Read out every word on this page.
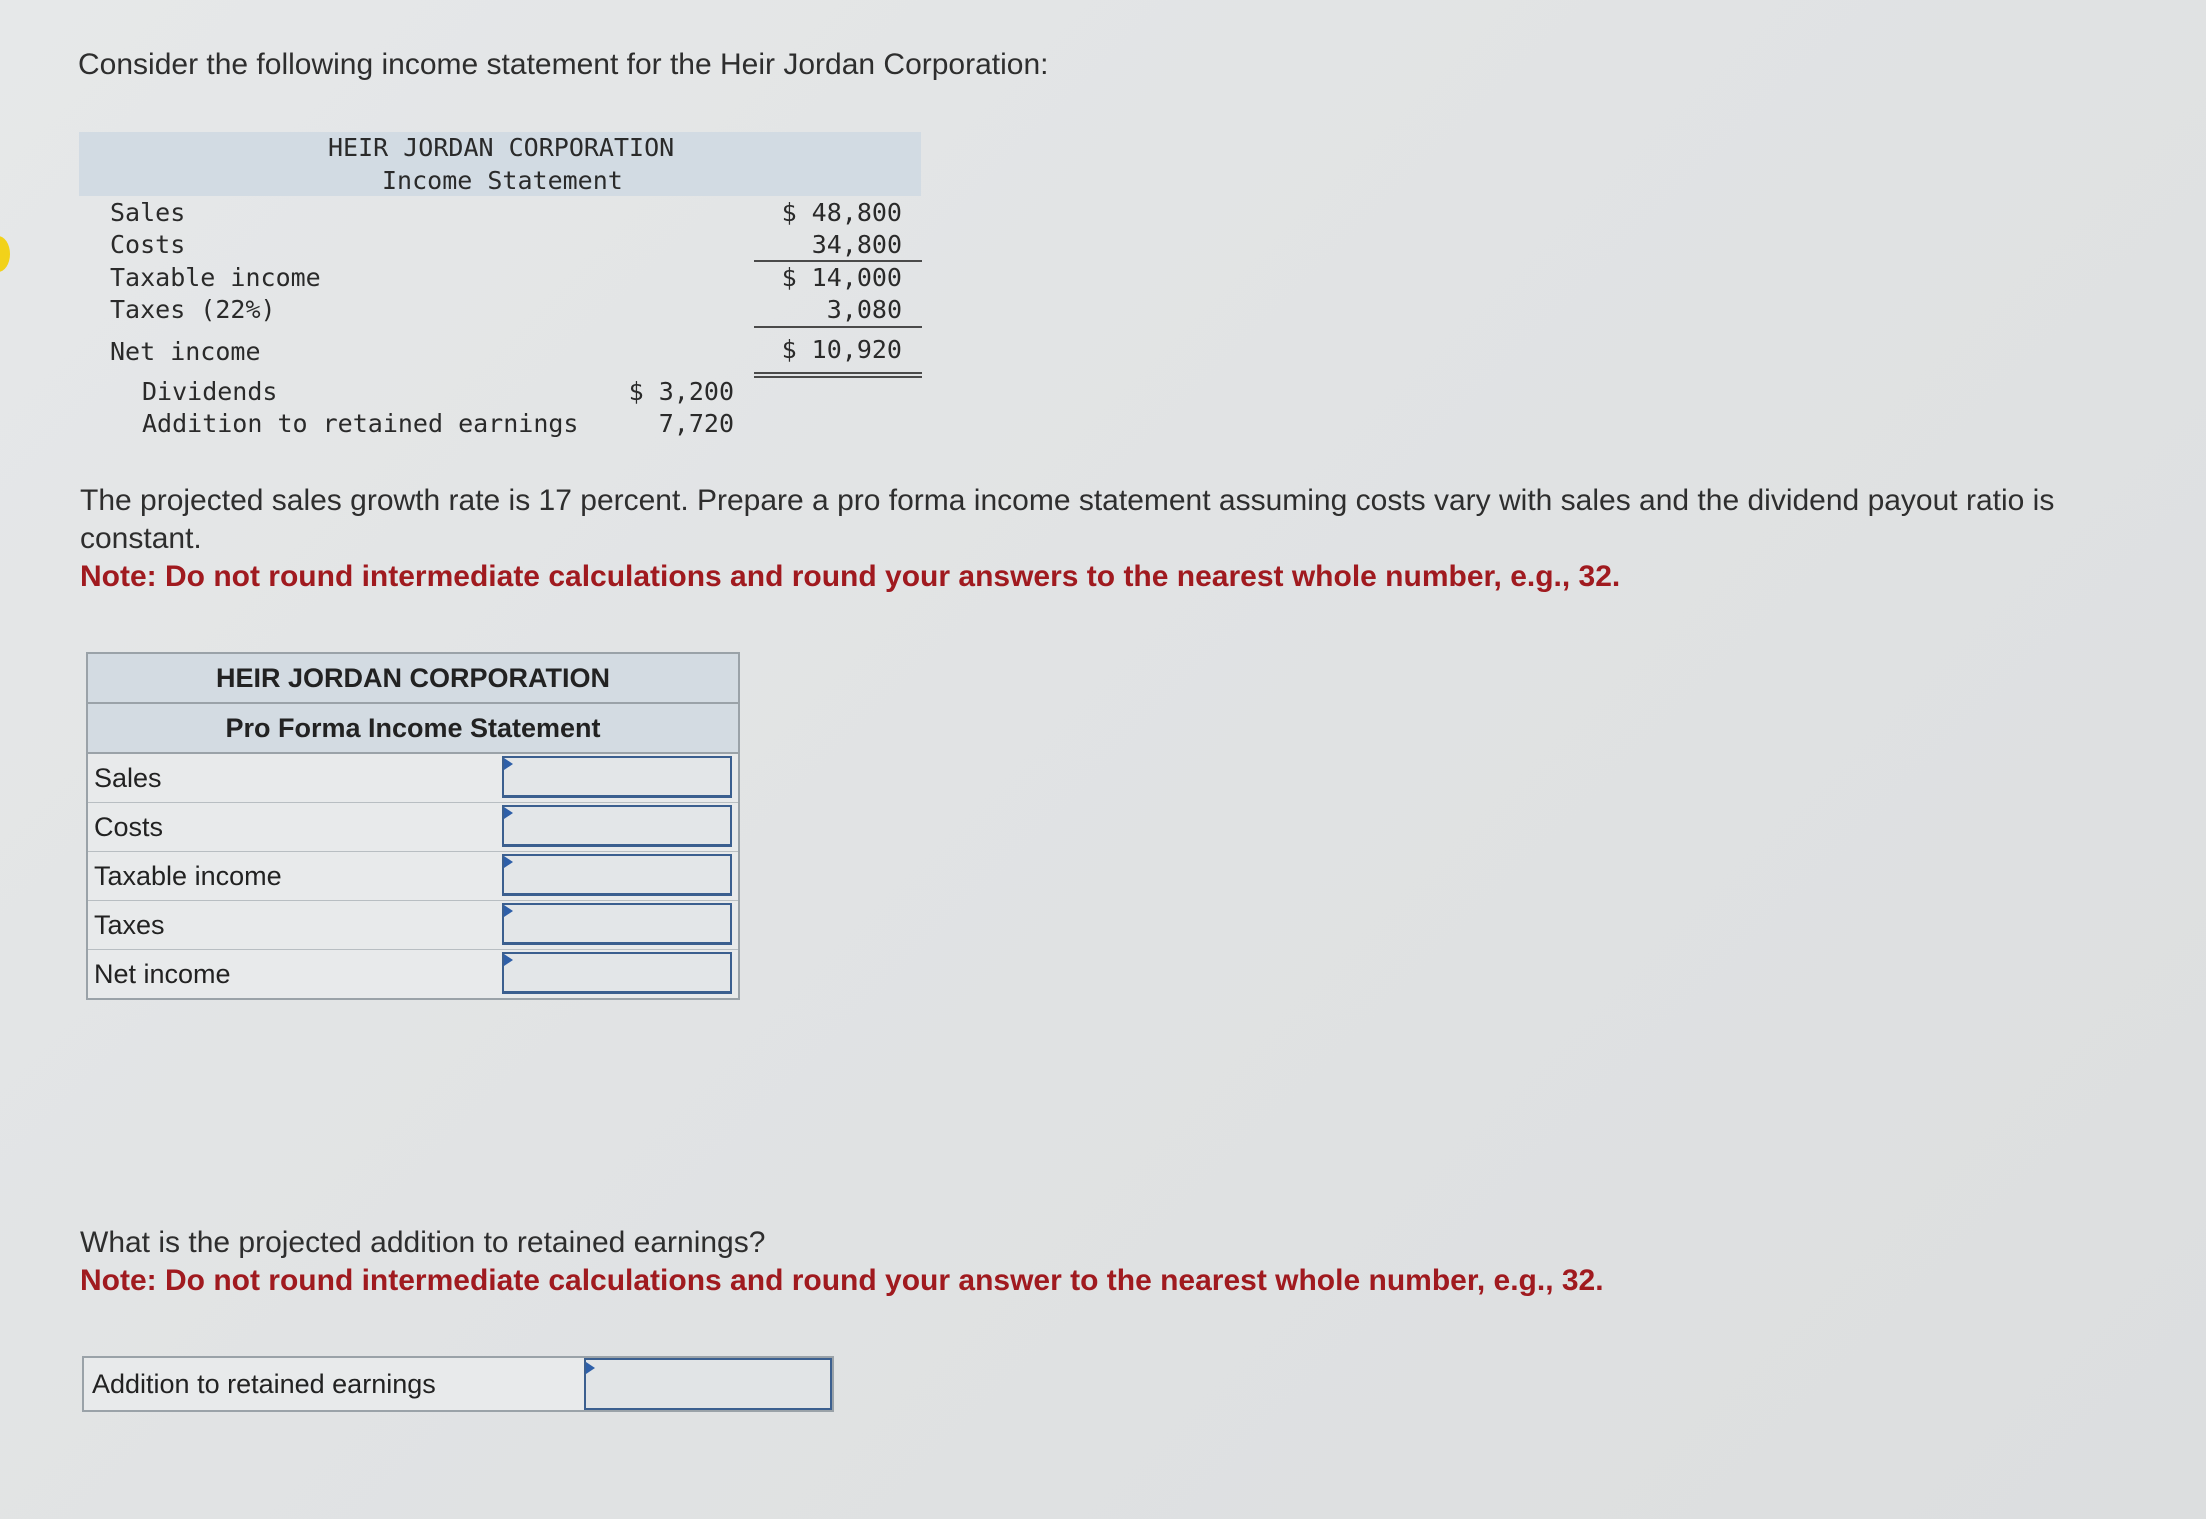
Consider the following income statement for the Heir Jordan Corporation:
HEIR JORDAN CORPORATION
Income Statement
Sales	$ 48,800
Costs	34,800
Taxable income	$ 14,000
Taxes (22%)	3,080
Net income	$ 10,920
Dividends	$ 3,200
Addition to retained earnings	7,720
The projected sales growth rate is 17 percent. Prepare a pro forma income statement assuming costs vary with sales and the dividend payout ratio is constant.
Note: Do not round intermediate calculations and round your answers to the nearest whole number, e.g., 32.
HEIR JORDAN CORPORATION
Pro Forma Income Statement
Sales
Costs
Taxable income
Taxes
Net income
What is the projected addition to retained earnings?
Note: Do not round intermediate calculations and round your answer to the nearest whole number, e.g., 32.
Addition to retained earnings
